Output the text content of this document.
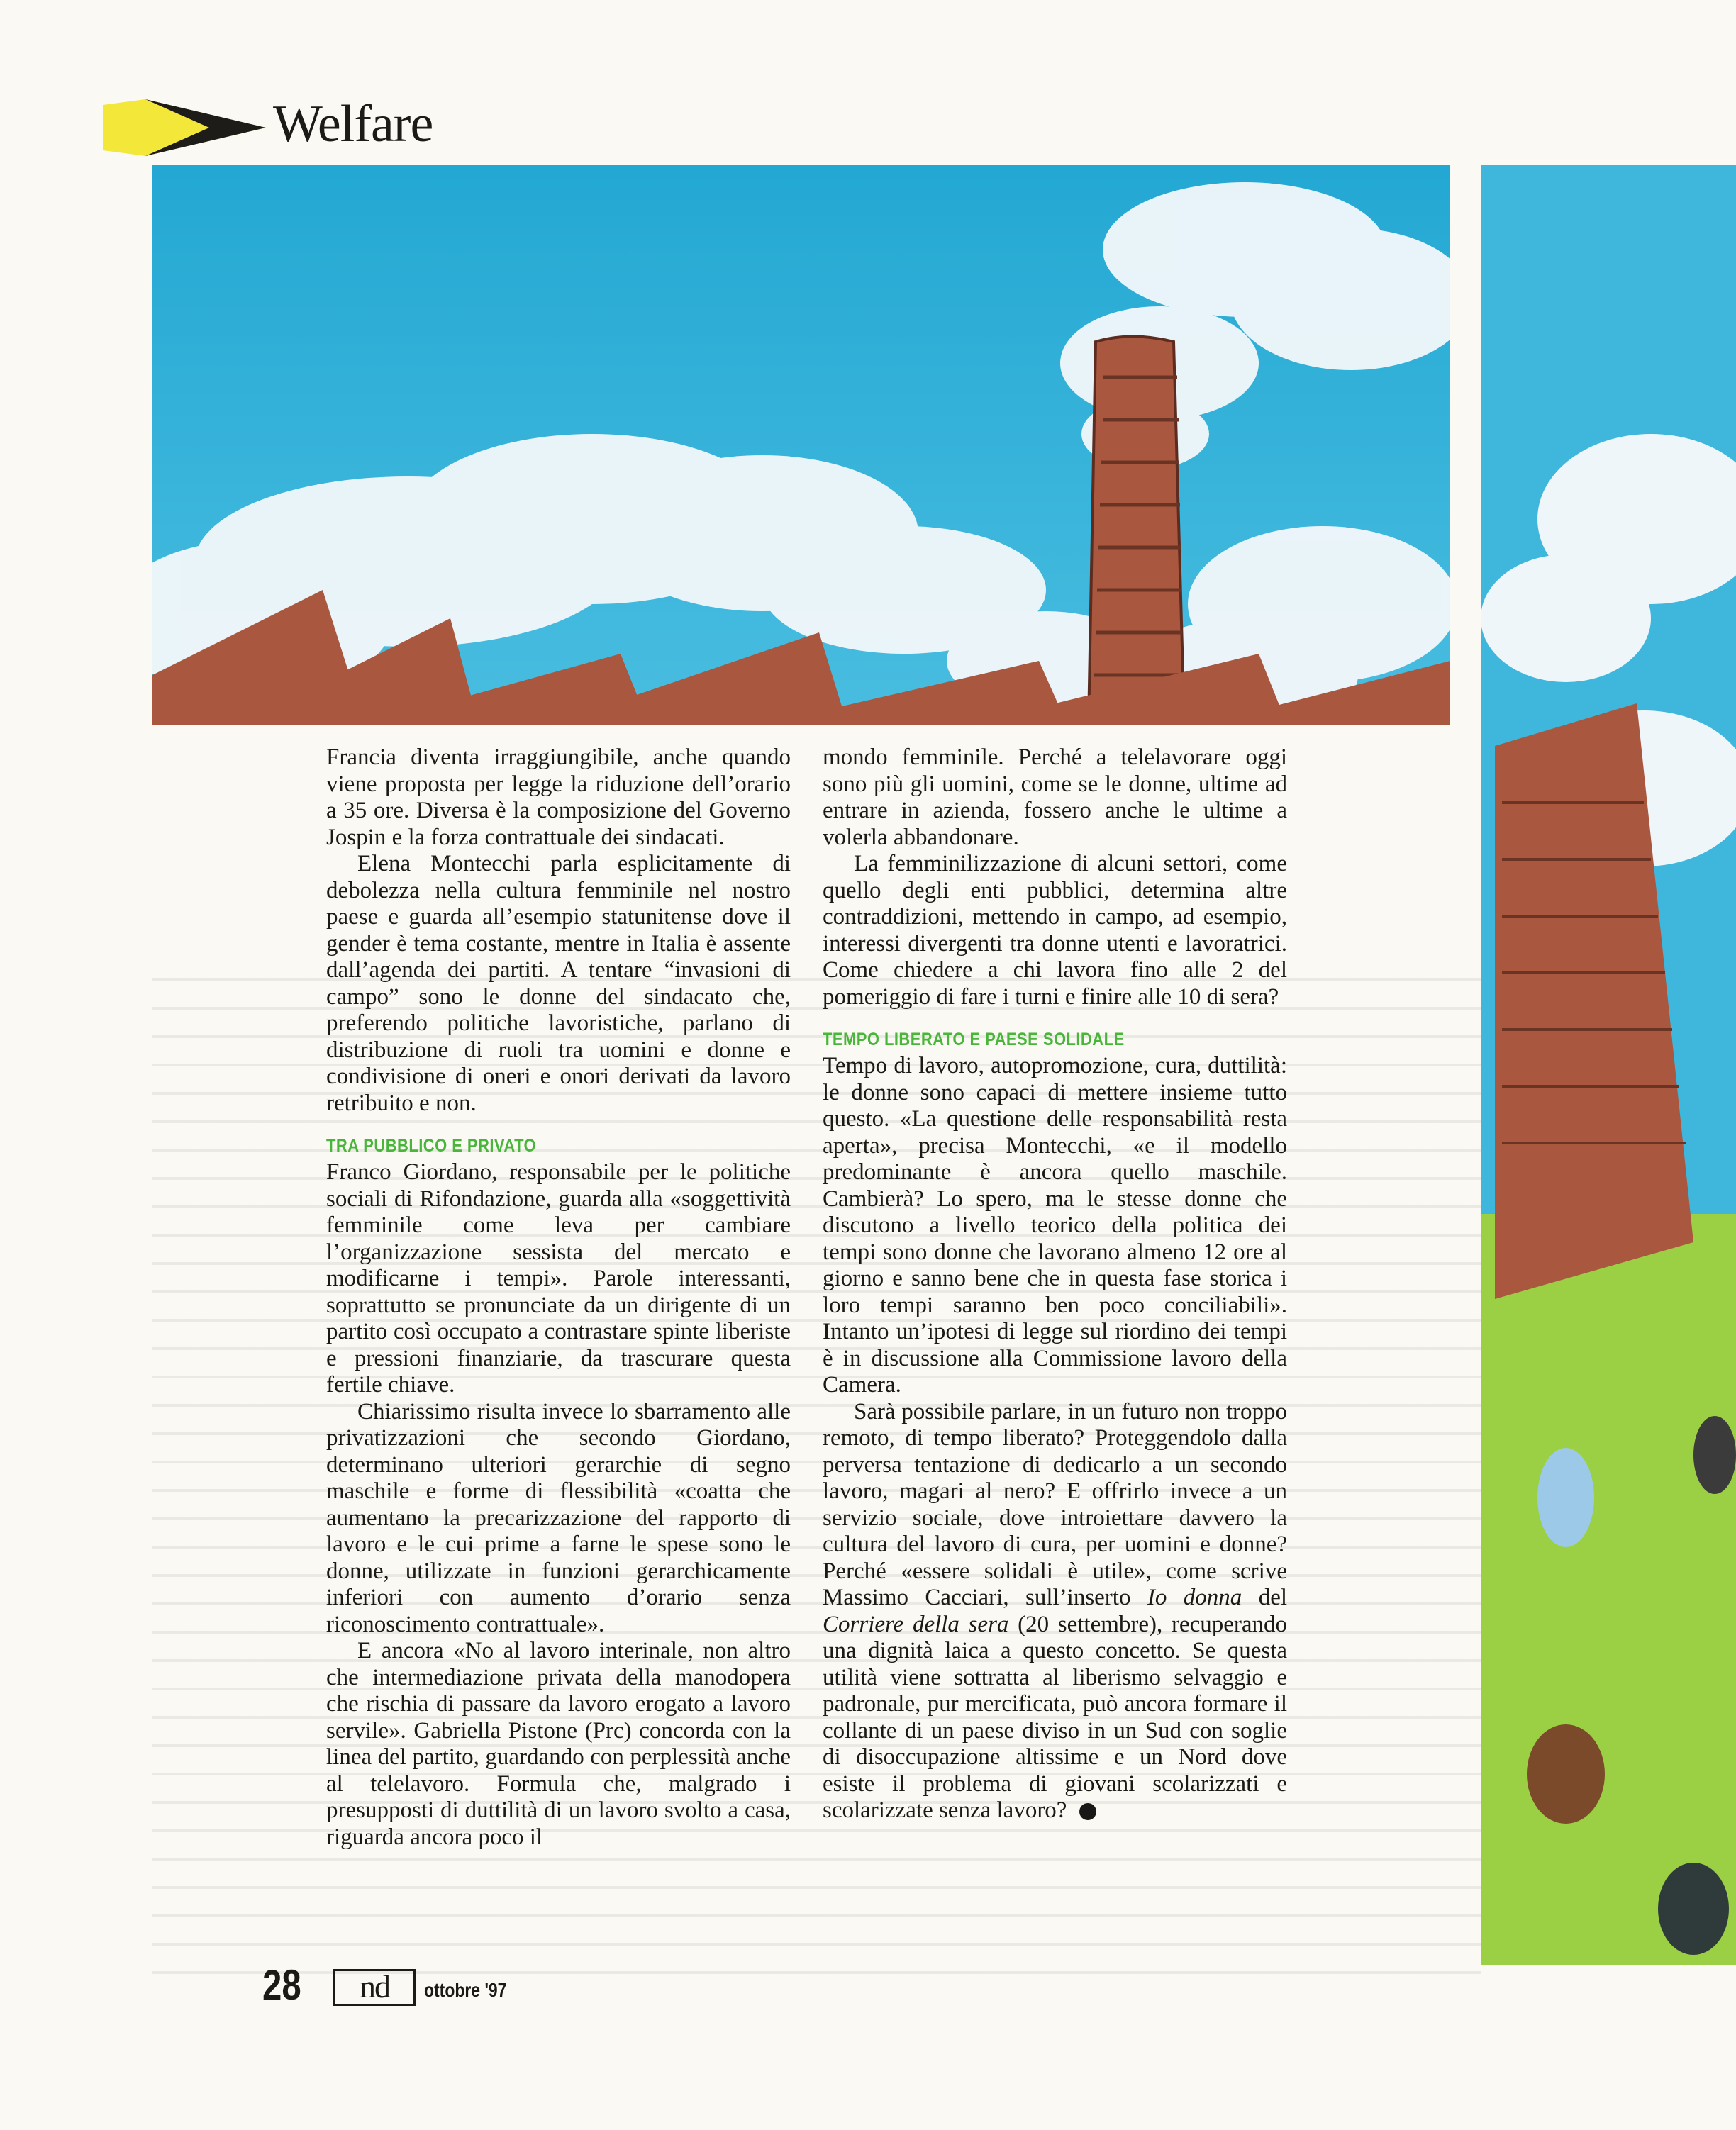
Welfare

Francia diventa irraggiungibile, anche quando viene proposta per legge la riduzione dell’orario a 35 ore. Diversa è la composizione del Governo Jospin e la forza contrattuale dei sindacati.

Elena Montecchi parla esplicitamente di debolezza nella cultura femminile nel nostro paese e guarda all’esempio statunitense dove il gender è tema costante, mentre in Italia è assente dall’agenda dei partiti. A tentare “invasioni di campo” sono le donne del sindacato che, preferendo politiche lavoristiche, parlano di distribuzione di ruoli tra uomini e donne e condivisione di oneri e onori derivati da lavoro retribuito e non.

TRA PUBBLICO E PRIVATO

Franco Giordano, responsabile per le politiche sociali di Rifondazione, guarda alla «soggettività femminile come leva per cambiare l’organizzazione sessista del mercato e modificarne i tempi». Parole interessanti, soprattutto se pronunciate da un dirigente di un partito così occupato a contrastare spinte liberiste e pressioni finanziarie, da trascurare questa fertile chiave.

Chiarissimo risulta invece lo sbarramento alle privatizzazioni che secondo Giordano, determinano ulteriori gerarchie di segno maschile e forme di flessibilità «coatta che aumentano la precarizzazione del rapporto di lavoro e le cui prime a farne le spese sono le donne, utilizzate in funzioni gerarchicamente inferiori con aumento d’orario senza riconoscimento contrattuale».

E ancora «No al lavoro interinale, non altro che intermediazione privata della manodopera che rischia di passare da lavoro erogato a lavoro servile». Gabriella Pistone (Prc) concorda con la linea del partito, guardando con perplessità anche al telelavoro. Formula che, malgrado i presupposti di duttilità di un lavoro svolto a casa, riguarda ancora poco il

mondo femminile. Perché a telelavorare oggi sono più gli uomini, come se le donne, ultime ad entrare in azienda, fossero anche le ultime a volerla abbandonare.

La femminilizzazione di alcuni settori, come quello degli enti pubblici, determina altre contraddizioni, mettendo in campo, ad esempio, interessi divergenti tra donne utenti e lavoratrici. Come chiedere a chi lavora fino alle 2 del pomeriggio di fare i turni e finire alle 10 di sera?

TEMPO LIBERATO E PAESE SOLIDALE

Tempo di lavoro, autopromozione, cura, duttilità: le donne sono capaci di mettere insieme tutto questo. «La questione delle responsabilità resta aperta», precisa Montecchi, «e il modello predominante è ancora quello maschile. Cambierà? Lo spero, ma le stesse donne che discutono a livello teorico della politica dei tempi sono donne che lavorano almeno 12 ore al giorno e sanno bene che in questa fase storica i loro tempi saranno ben poco conciliabili». Intanto un’ipotesi di legge sul riordino dei tempi è in discussione alla Commissione lavoro della Camera.

Sarà possibile parlare, in un futuro non troppo remoto, di tempo liberato? Proteggendolo dalla perversa tentazione di dedicarlo a un secondo lavoro, magari al nero? E offrirlo invece a un servizio sociale, dove introiettare davvero la cultura del lavoro di cura, per uomini e donne? Perché «essere solidali è utile», come scrive Massimo Cacciari, sull’inserto Io donna del Corriere della sera (20 settembre), recuperando una dignità laica a questo concetto. Se questa utilità viene sottratta al liberismo selvaggio e padronale, pur mercificata, può ancora formare il collante di un paese diviso in un Sud con soglie di disoccupazione altissime e un Nord dove esiste il problema di giovani scolarizzati e scolarizzate senza lavoro?

28	nd	ottobre '97
